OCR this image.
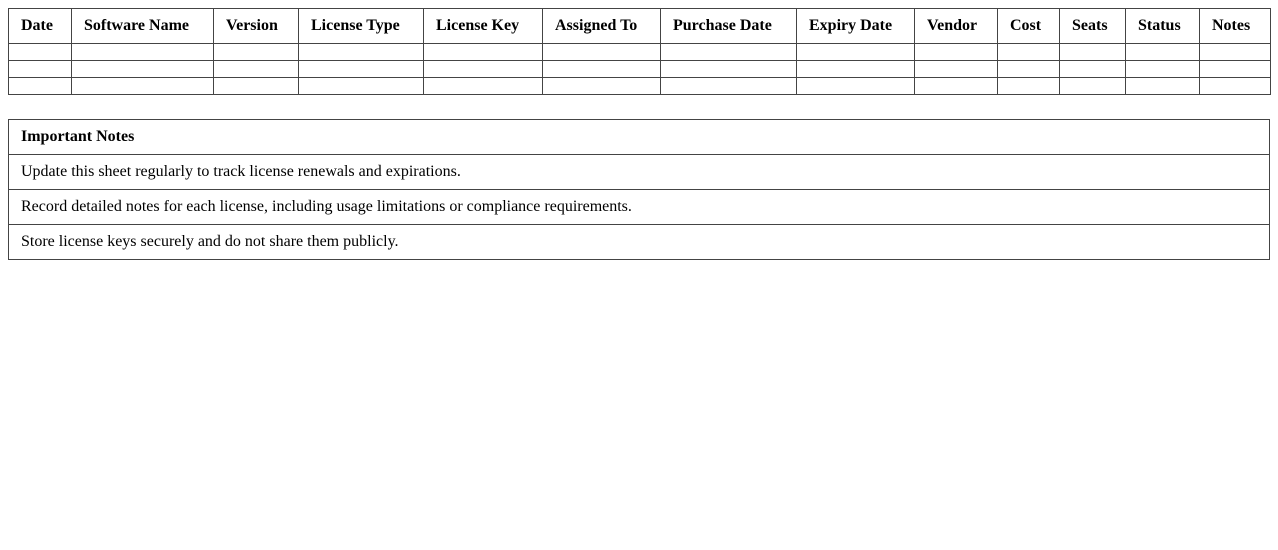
Date	Software Name	Version	License Type	License Key	Assigned To	Purchase Date	Expiry Date	Vendor	Cost	Seats	Status	Notes

Important Notes
Update this sheet regularly to track license renewals and expirations.
Record detailed notes for each license, including usage limitations or compliance requirements.
Store license keys securely and do not share them publicly.
